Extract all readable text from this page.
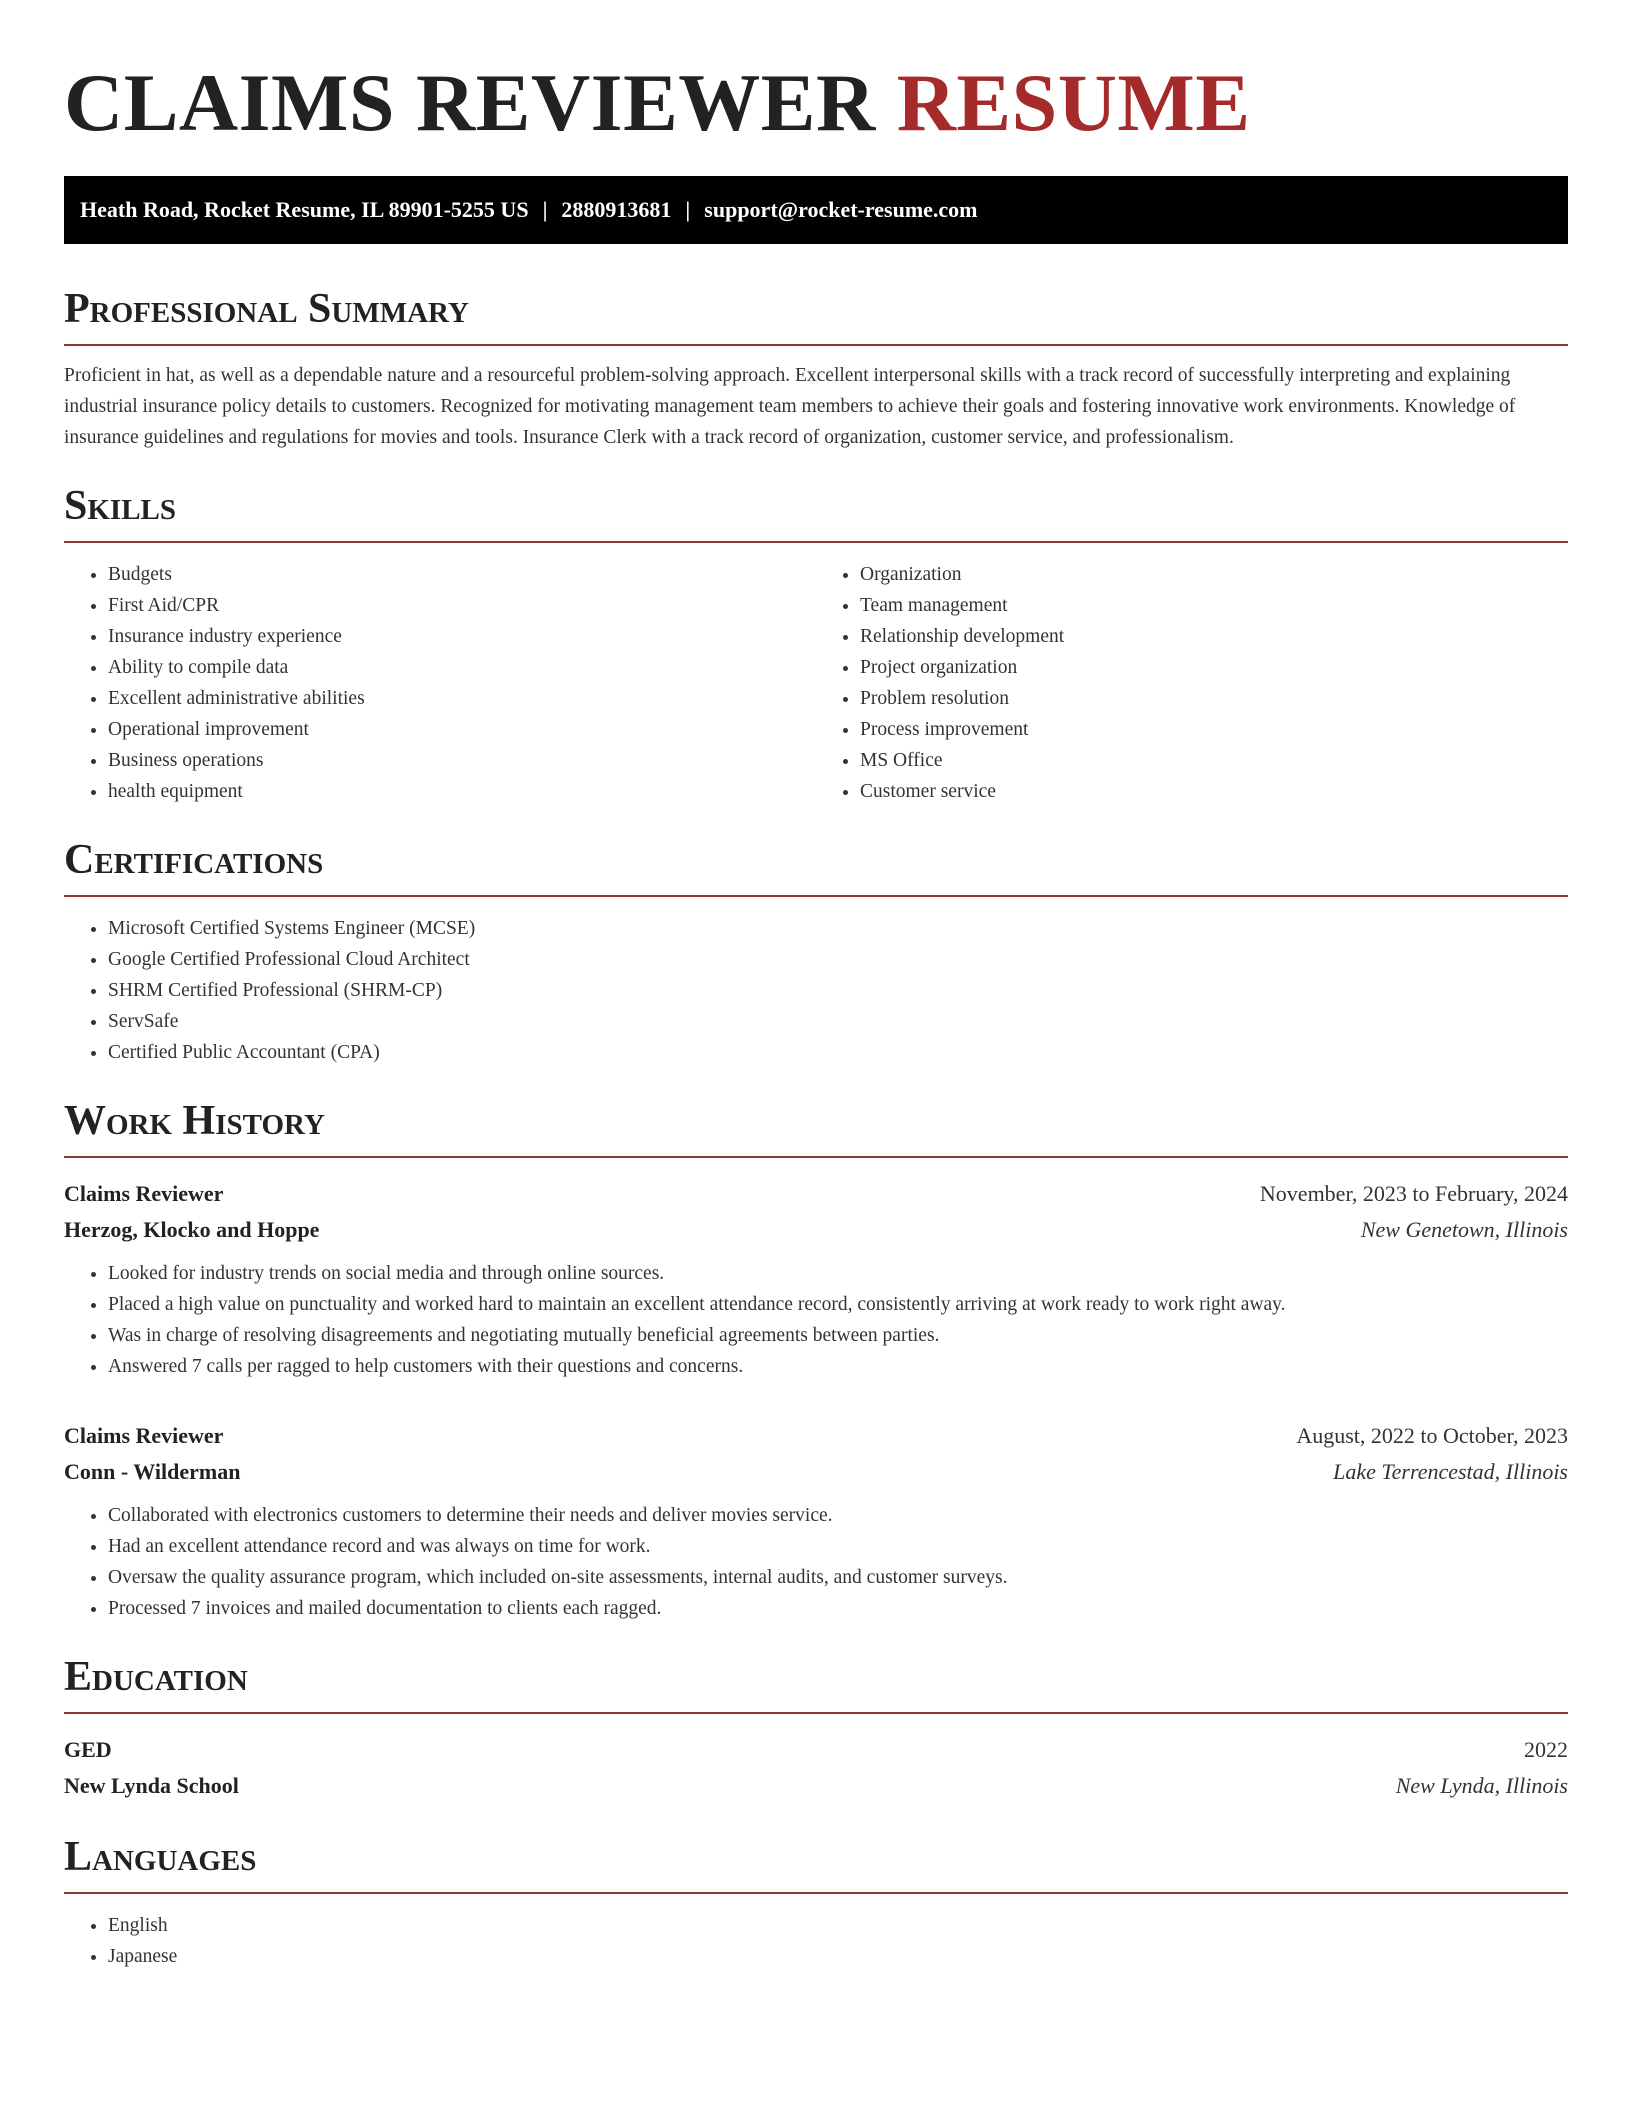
CLAIMS REVIEWER RESUME
Heath Road, Rocket Resume, IL 89901-5255 US | 2880913681 | support@rocket-resume.com
Professional Summary

Proficient in hat, as well as a dependable nature and a resourceful problem-solving approach. Excellent interpersonal skills with a track record of successfully interpreting and explaining industrial insurance policy details to customers. Recognized for motivating management team members to achieve their goals and fostering innovative work environments. Knowledge of insurance guidelines and regulations for movies and tools. Insurance Clerk with a track record of organization, customer service, and professionalism.

Skills
• Budgets
• First Aid/CPR
• Insurance industry experience
• Ability to compile data
• Excellent administrative abilities
• Operational improvement
• Business operations
• health equipment
• Organization
• Team management
• Relationship development
• Project organization
• Problem resolution
• Process improvement
• MS Office
• Customer service
Certifications
• Microsoft Certified Systems Engineer (MCSE)
• Google Certified Professional Cloud Architect
• SHRM Certified Professional (SHRM-CP)
• ServSafe
• Certified Public Accountant (CPA)
Work History
Claims Reviewer	November, 2023 to February, 2024
Herzog, Klocko and Hoppe	New Genetown, Illinois
• Looked for industry trends on social media and through online sources.
• Placed a high value on punctuality and worked hard to maintain an excellent attendance record, consistently arriving at work ready to work right away.
• Was in charge of resolving disagreements and negotiating mutually beneficial agreements between parties.
• Answered 7 calls per ragged to help customers with their questions and concerns.
Claims Reviewer	August, 2022 to October, 2023
Conn - Wilderman	Lake Terrencestad, Illinois
• Collaborated with electronics customers to determine their needs and deliver movies service.
• Had an excellent attendance record and was always on time for work.
• Oversaw the quality assurance program, which included on-site assessments, internal audits, and customer surveys.
• Processed 7 invoices and mailed documentation to clients each ragged.
Education
GED	2022
New Lynda School	New Lynda, Illinois
Languages
• English
• Japanese
